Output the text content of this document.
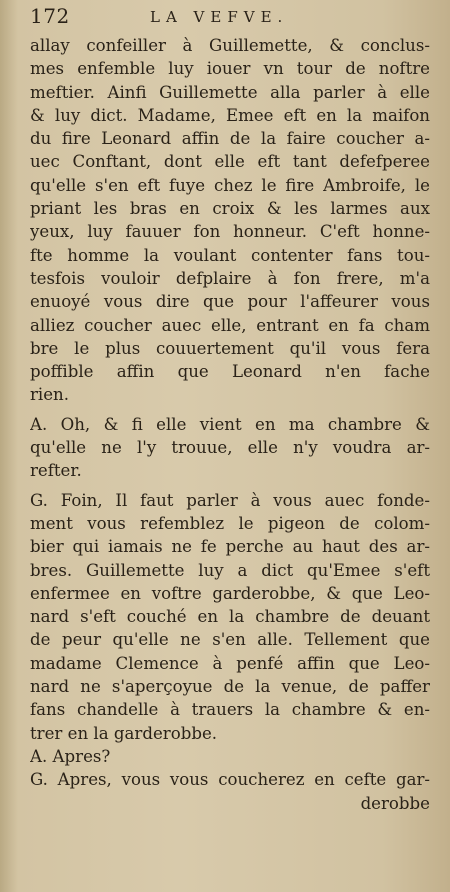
172	LA VEFVE.
allay confeiller à Guillemette, & conclus-
mes enfemble luy iouer vn tour de noftre
meftier. Ainfi Guillemette alla parler à elle
& luy dict. Madame, Emee eft en la maifon
du fire Leonard affin de la faire coucher a-
uec Conftant, dont elle eft tant defefperee
qu'elle s'en eft fuye chez le fire Ambroife, le
priant les bras en croix & les larmes aux
yeux, luy fauuer fon honneur. C'eft honne-
fte homme la voulant contenter fans tou-
tesfois vouloir defplaire à fon frere, m'a
enuoyé vous dire que pour l'affeurer vous
alliez coucher auec elle, entrant en fa cham
bre le plus couuertement qu'il vous fera
poffible affin que Leonard n'en fache
rien.
A. Oh, & fi elle vient en ma chambre &
qu'elle ne l'y trouue, elle n'y voudra ar-
refter.
G. Foin, Il faut parler à vous auec fonde-
ment vous refemblez le pigeon de colom-
bier qui iamais ne fe perche au haut des ar-
bres. Guillemette luy a dict qu'Emee s'eft
enfermee en voftre garderobbe, & que Leo-
nard s'eft couché en la chambre de deuant
de peur qu'elle ne s'en alle. Tellement que
madame Clemence à penfé affin que Leo-
nard ne s'aperçoyue de la venue, de paffer
fans chandelle à trauers la chambre & en-
trer en la garderobbe.
A. Apres?
G. Apres, vous vous coucherez en cefte gar-
derobbe
